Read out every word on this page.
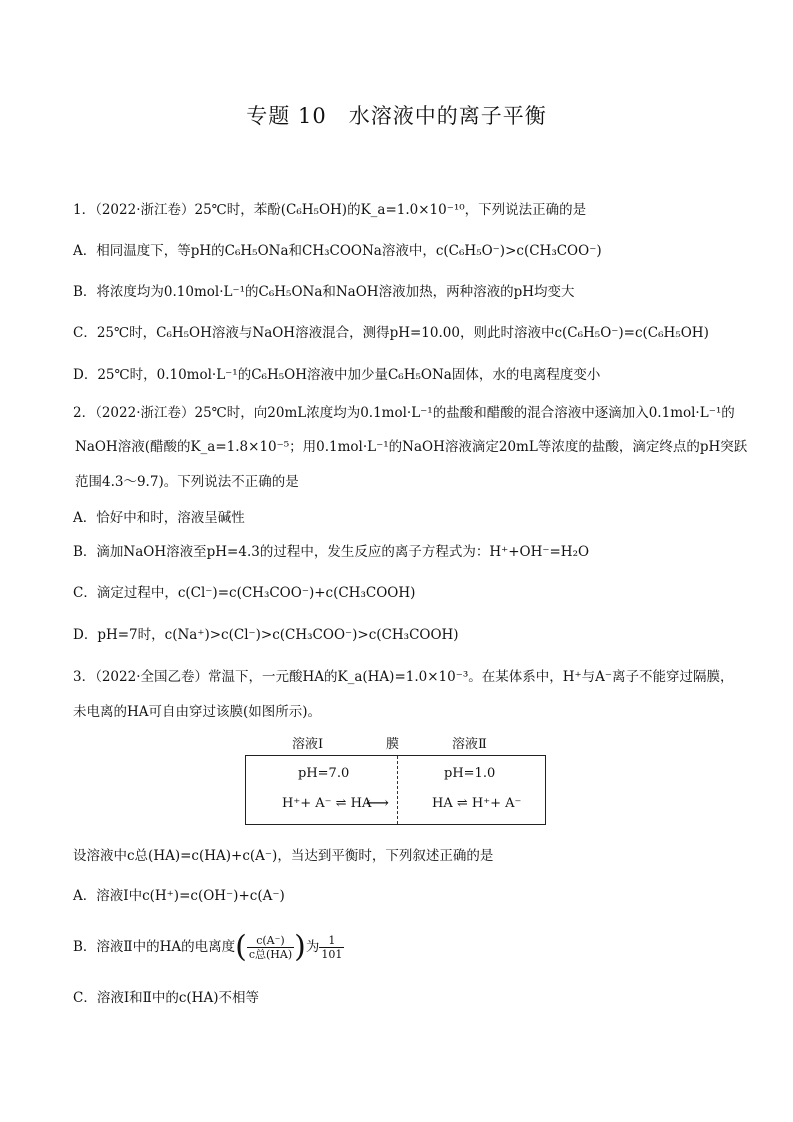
专题 10　水溶液中的离子平衡
1．（2022·浙江卷）25℃时，苯酚(C₆H₅OH)的K_a=1.0×10⁻¹⁰，下列说法正确的是
A．相同温度下，等pH的C₆H₅ONa和CH₃COONa溶液中，c(C₆H₅O⁻)>c(CH₃COO⁻)
B．将浓度均为0.10mol·L⁻¹的C₆H₅ONa和NaOH溶液加热，两种溶液的pH均变大
C．25℃时，C₆H₅OH溶液与NaOH溶液混合，测得pH=10.00，则此时溶液中c(C₆H₅O⁻)=c(C₆H₅OH)
D．25℃时，0.10mol·L⁻¹的C₆H₅OH溶液中加少量C₆H₅ONa固体，水的电离程度变小
2．（2022·浙江卷）25℃时，向20mL浓度均为0.1mol·L⁻¹的盐酸和醋酸的混合溶液中逐滴加入0.1mol·L⁻¹的
NaOH溶液(醋酸的K_a=1.8×10⁻⁵；用0.1mol·L⁻¹的NaOH溶液滴定20mL等浓度的盐酸，滴定终点的pH突跃
范围4.3～9.7)。下列说法不正确的是
A．恰好中和时，溶液呈碱性
B．滴加NaOH溶液至pH=4.3的过程中，发生反应的离子方程式为：H⁺+OH⁻=H₂O
C．滴定过程中，c(Cl⁻)=c(CH₃COO⁻)+c(CH₃COOH)
D．pH=7时，c(Na⁺)>c(Cl⁻)>c(CH₃COO⁻)>c(CH₃COOH)
3．（2022·全国乙卷）常温下，一元酸HA的K_a(HA)=1.0×10⁻³。在某体系中，H⁺与A⁻离子不能穿过隔膜，
未电离的HA可自由穿过该膜(如图所示)。
溶液Ⅰ	膜	溶液Ⅱ
pH=7.0	pH=1.0
H⁺+ A⁻ ⇌ HA
⟷	HA ⇌ H⁺+ A⁻
设溶液中c总(HA)=c(HA)+c(A⁻)，当达到平衡时，下列叙述正确的是
A．溶液Ⅰ中c(H⁺)=c(OH⁻)+c(A⁻)
B．溶液Ⅱ中的HA的电离度( $\frac{c(A^-)}{\text{c总(HA)}}$ )为 $\frac{1}{101}$
C．溶液Ⅰ和Ⅱ中的c(HA)不相等
